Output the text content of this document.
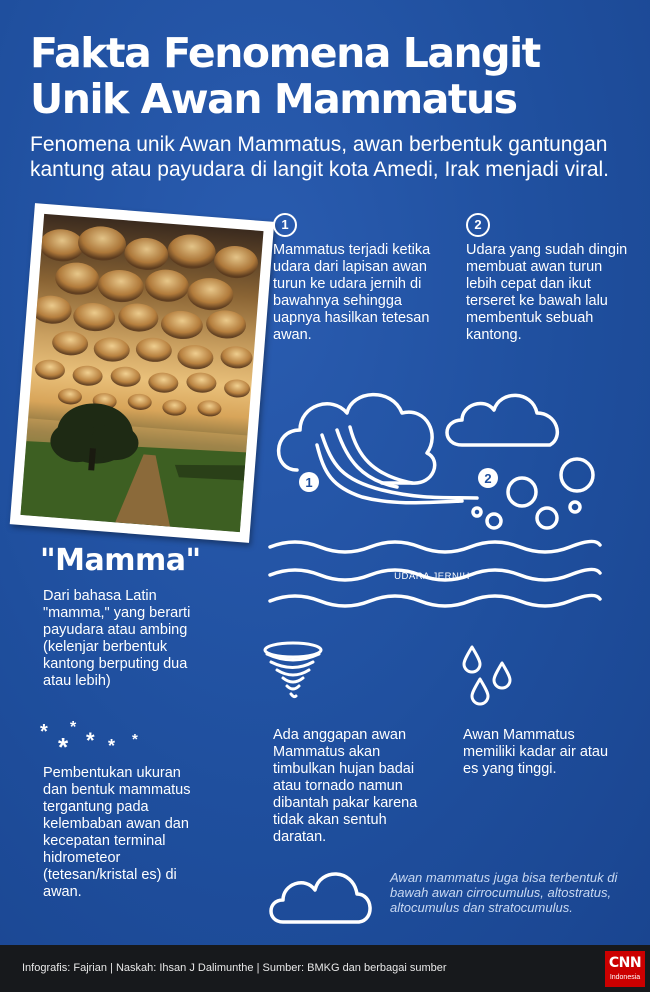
Fakta Fenomena Langit
Unik Awan Mammatus
Fenomena unik Awan Mammatus, awan berbentuk gantungan kantung atau payudara di langit kota Amedi, Irak menjadi viral.
1
Mammatus terjadi ketika udara dari lapisan awan turun ke udara jernih di bawahnya sehingga uapnya hasilkan tetesan awan.
2
Udara yang sudah dingin membuat awan turun lebih cepat dan ikut terseret ke bawah lalu membentuk sebuah kantong.
1	2
UDARA JERNIH
"Mamma"
Dari bahasa Latin "mamma," yang berarti payudara atau ambing (kelenjar berbentuk kantong berputing dua atau lebih)
* *
* * * *
Pembentukan ukuran dan bentuk mammatus tergantung pada kelembaban awan dan kecepatan terminal hidrometeor (tetesan/kristal es) di awan.
Ada anggapan awan Mammatus akan timbulkan hujan badai atau tornado namun dibantah pakar karena tidak akan sentuh daratan.
Awan Mammatus memiliki kadar air atau es yang tinggi.
Awan mammatus juga bisa terbentuk di bawah awan cirrocumulus, altostratus, altocumulus dan stratocumulus.
Infografis: Fajrian | Naskah: Ihsan J Dalimunthe | Sumber: BMKG dan berbagai sumber	CNN
Indonesia
